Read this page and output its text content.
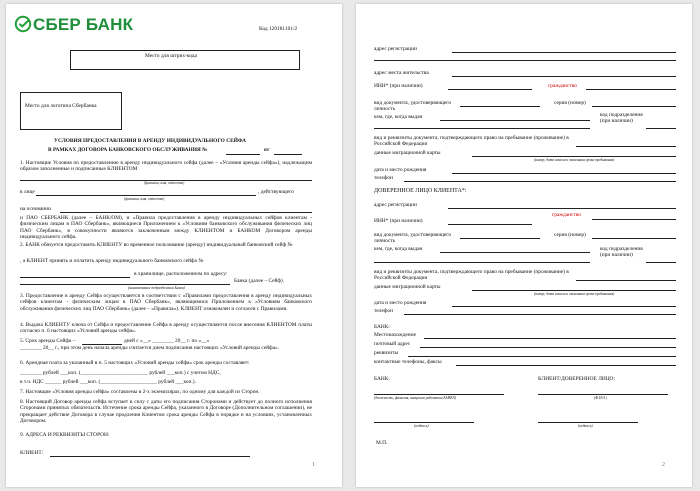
СБЕР БАНК	Код 120181101/2
Место для штрих-кода
Место для логотипа Сбербанка
УСЛОВИЯ ПРЕДОСТАВЛЕНИЯ В АРЕНДУ ИНДИВИДУАЛЬНОГО СЕЙФА
В РАМКАХ ДОГОВОРА БАНКОВСКОГО ОБСЛУЖИВАНИЯ №	от
1. Настоящие Условия по предоставлению в аренду индивидуального сейфа (далее – «Условия аренды сейфа»), надлежащим образом заполненные и подписанные КЛИЕНТОМ
(фамилия, имя, отчество)
в лице	, действующего
(фамилия, имя, отчество)
на основании
и ПАО СБЕРБАНК (далее – БАНК/ОМ), и «Правила предоставления в аренду индивидуальных сейфов клиентам - физическим лицам в ПАО Сбербанк», являющиеся Приложением к «Условиям банковского обслуживания физических лиц ПАО Сбербанк», в совокупности являются заключенным между КЛИЕНТОМ и БАНКОМ Договором аренды индивидуального сейфа.
2. БАНК обязуется предоставить КЛИЕНТУ во временное пользование (аренду) индивидуальный банковский сейф №
, а КЛИЕНТ принять и оплатить аренду индивидуального банковского сейфа №
в хранилище, расположенном по адресу:
Банка (далее – Сейф).
(наименование подразделения Банка)
3. Предоставление в аренду Сейфа осуществляется в соответствии с «Правилами предоставления в аренду индивидуальных сейфов клиентам - физическим лицам в ПАО Сбербанк», являющимися Приложением к «Условиям банковского обслуживания физических лиц ПАО Сбербанк» (далее – «Правила»). КЛИЕНТ ознакомлен и согласен с Правилами.
4. Выдача КЛИЕНТУ ключа от Сейфа и предоставление Сейфа в аренду осуществляется после внесения КЛИЕНТОМ платы согласно п. 6 настоящих «Условий аренды сейфа».
5. Срок аренды Сейфа –	дней с «__» ________ 20__ г. по «__»
________ 20__ г., при этом день начала аренды считается днем подписания настоящих «Условий аренды сейфа».
6. Арендная плата за указанный в п. 5 настоящих «Условий аренды сейфа» срок аренды составляет:
________ рублей ___коп. (_________________________ рублей ___коп.) с учетом НДС,
в т.ч. НДС ______ рублей ___коп. (_____________________ рублей ___коп.).
7. Настоящие «Условия аренды сейфа» составлены в 2-х экземплярах, по одному для каждой из Сторон.
8. Настоящий Договор аренды сейфа вступает в силу с даты его подписания Сторонами и действует до полного исполнения Сторонами принятых обязательств. Истечение срока аренды Сейфа, указанного в Договоре (Дополнительном соглашении), не прекращает действие Договора в случае продления Клиентом срока аренды Сейфа в порядке и на условиях, установленных Договором.
9. АДРЕСА И РЕКВИЗИТЫ СТОРОН:
КЛИЕНТ:
1
адрес регистрации
адрес места жительства
ИНН* (при наличии)	гражданство
вид документа, удостоверяющего личность
серия (номер)
кем, где, когда выдан	код подразделения (при наличии)
вид и реквизиты документа, подтверждающего право на пребывание (проживание) в Российской Федерации
данные миграционной карты
(номер, дата начала и окончания срока пребывания)
дата и место рождения
телефон
ДОВЕРЕННОЕ ЛИЦО КЛИЕНТА*:
адрес регистрации
гражданство
ИНН* (при наличии)
вид документа, удостоверяющего личность
серия (номер)
кем, где, когда выдан	код подразделения (при наличии)
вид и реквизиты документа, подтверждающего право на пребывание (проживание) в Российской Федерации
данные миграционной карты
(номер, дата начала и окончания срока пребывания)
дата и место рождения
телефон
БАНК:
Местонахождение
почтовый адрес
реквизиты
контактные телефоны, факсы
БАНК:	КЛИЕНТ/ДОВЕРЕННОЕ ЛИЦО:
(должность, фамилия, инициалы работника БАНКА)	(Ф.И.О.)
(подпись)	(подпись)
М.П.
2
